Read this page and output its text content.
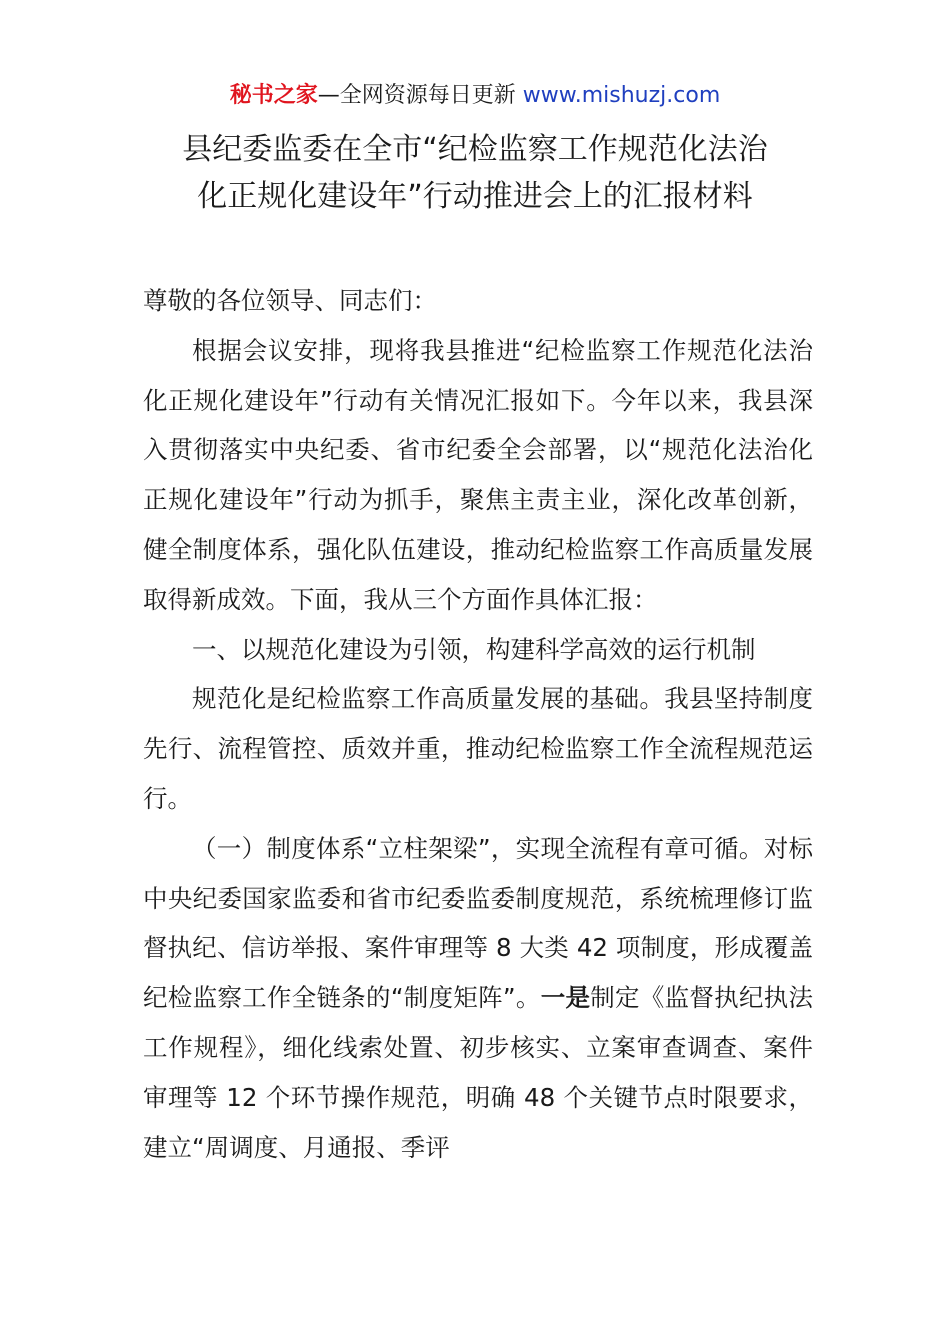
秘书之家—全网资源每日更新 www.mishuzj.com
县纪委监委在全市“纪检监察工作规范化法治
化正规化建设年”行动推进会上的汇报材料

尊敬的各位领导、同志们：

根据会议安排，现将我县推进“纪检监察工作规范化法治化正规化建设年”行动有关情况汇报如下。今年以来，我县深入贯彻落实中央纪委、省市纪委全会部署，以“规范化法治化正规化建设年”行动为抓手，聚焦主责主业，深化改革创新，健全制度体系，强化队伍建设，推动纪检监察工作高质量发展取得新成效。下面，我从三个方面作具体汇报：

一、以规范化建设为引领，构建科学高效的运行机制

规范化是纪检监察工作高质量发展的基础。我县坚持制度先行、流程管控、质效并重，推动纪检监察工作全流程规范运行。

（一）制度体系“立柱架梁”，实现全流程有章可循。对标中央纪委国家监委和省市纪委监委制度规范，系统梳理修订监督执纪、信访举报、案件审理等 8 大类 42 项制度，形成覆盖纪检监察工作全链条的“制度矩阵”。一是制定《监督执纪执法工作规程》，细化线索处置、初步核实、立案审查调查、案件审理等 12 个环节操作规范，明确 48 个关键节点时限要求，建立“周调度、月通报、季评
